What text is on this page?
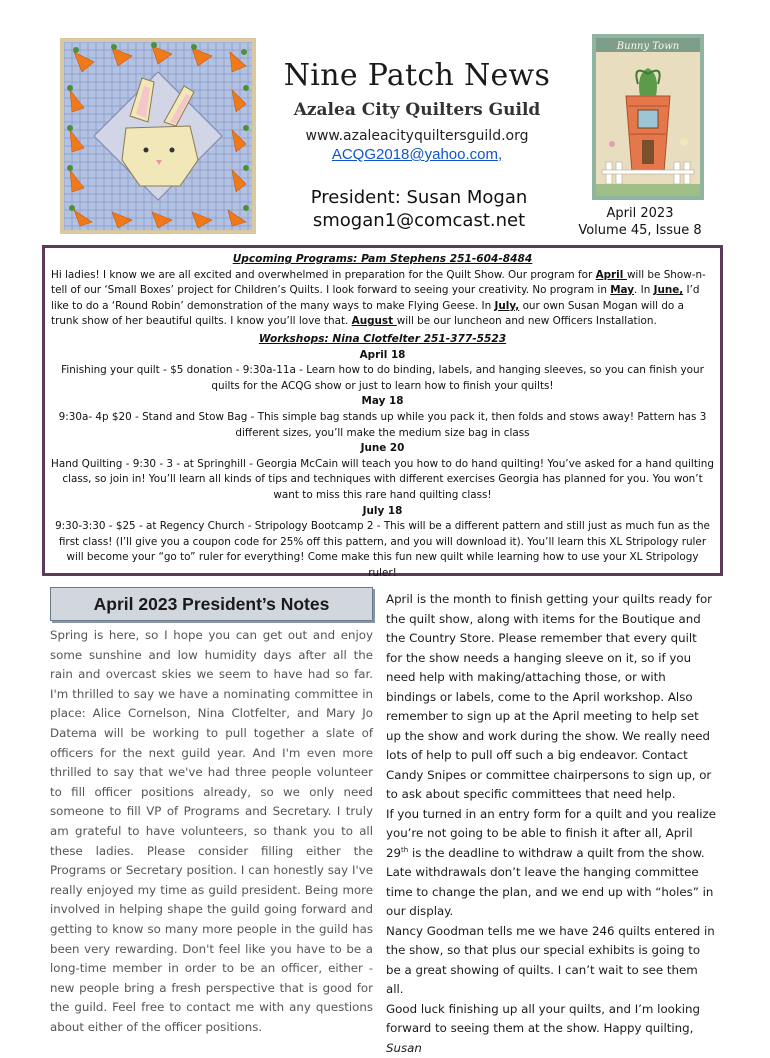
Nine Patch News
Azalea City Quilters Guild
www.azaleacityquiltersguild.org
ACQG2018@yahoo.com,
President: Susan Mogan
smogan1@comcast.net
Bunny Town
April 2023
Volume 45, Issue 8

Upcoming Programs: Pam Stephens 251-604-8484

Hi ladies! I know we are all excited and overwhelmed in preparation for the Quilt Show. Our program for April will be Show-n-tell of our ‘Small Boxes’ project for Children’s Quilts. I look forward to seeing your creativity. No program in May. In June, I’d like to do a ‘Round Robin’ demonstration of the many ways to make Flying Geese. In July, our own Susan Mogan will do a trunk show of her beautiful quilts. I know you’ll love that. August will be our luncheon and new Officers Installation.

Workshops: Nina Clotfelter 251-377-5523

April 18

Finishing your quilt - $5 donation - 9:30a-11a - Learn how to do binding, labels, and hanging sleeves, so you can finish your quilts for the ACQG show or just to learn how to finish your quilts!

May 18

9:30a- 4p $20 - Stand and Stow Bag - This simple bag stands up while you pack it, then folds and stows away! Pattern has 3 different sizes, you’ll make the medium size bag in class

June 20

Hand Quilting - 9:30 - 3 - at Springhill - Georgia McCain will teach you how to do hand quilting! You’ve asked for a hand quilting class, so join in! You’ll learn all kinds of tips and techniques with different exercises Georgia has planned for you. You won’t want to miss this rare hand quilting class!

July 18

9:30-3:30 - $25 - at Regency Church - Stripology Bootcamp 2 - This will be a different pattern and still just as much fun as the first class! (I’ll give you a coupon code for 25% off this pattern, and you will download it). You’ll learn this XL Stripology ruler will become your “go to” ruler for everything! Come make this fun new quilt while learning how to use your XL Stripology ruler!

April 2023 President’s Notes

Spring is here, so I hope you can get out and enjoy some sunshine and low humidity days after all the rain and overcast skies we seem to have had so far. I'm thrilled to say we have a nominating committee in place: Alice Cornelson, Nina Clotfelter, and Mary Jo Datema will be working to pull together a slate of officers for the next guild year. And I'm even more thrilled to say that we've had three people volunteer to fill officer positions already, so we only need someone to fill VP of Programs and Secretary. I truly am grateful to have volunteers, so thank you to all these ladies. Please consider filling either the Programs or Secretary position. I can honestly say I've really enjoyed my time as guild president. Being more involved in helping shape the guild going forward and getting to know so many more people in the guild has been very rewarding. Don't feel like you have to be a long-time member in order to be an officer, either - new people bring a fresh perspective that is good for the guild. Feel free to contact me with any questions about either of the officer positions.

April is the month to finish getting your quilts ready for the quilt show, along with items for the Boutique and the Country Store. Please remember that every quilt for the show needs a hanging sleeve on it, so if you need help with making/attaching those, or with bindings or labels, come to the April workshop. Also remember to sign up at the April meeting to help set up the show and work during the show. We really need lots of help to pull off such a big endeavor. Contact Candy Snipes or committee chairpersons to sign up, or to ask about specific committees that need help.

If you turned in an entry form for a quilt and you realize you’re not going to be able to finish it after all, April 29th is the deadline to withdraw a quilt from the show. Late withdrawals don’t leave the hanging committee time to change the plan, and we end up with “holes” in our display.

Nancy Goodman tells me we have 246 quilts entered in the show, so that plus our special exhibits is going to be a great showing of quilts. I can’t wait to see them all.

Good luck finishing up all your quilts, and I’m looking forward to seeing them at the show. Happy quilting, Susan
